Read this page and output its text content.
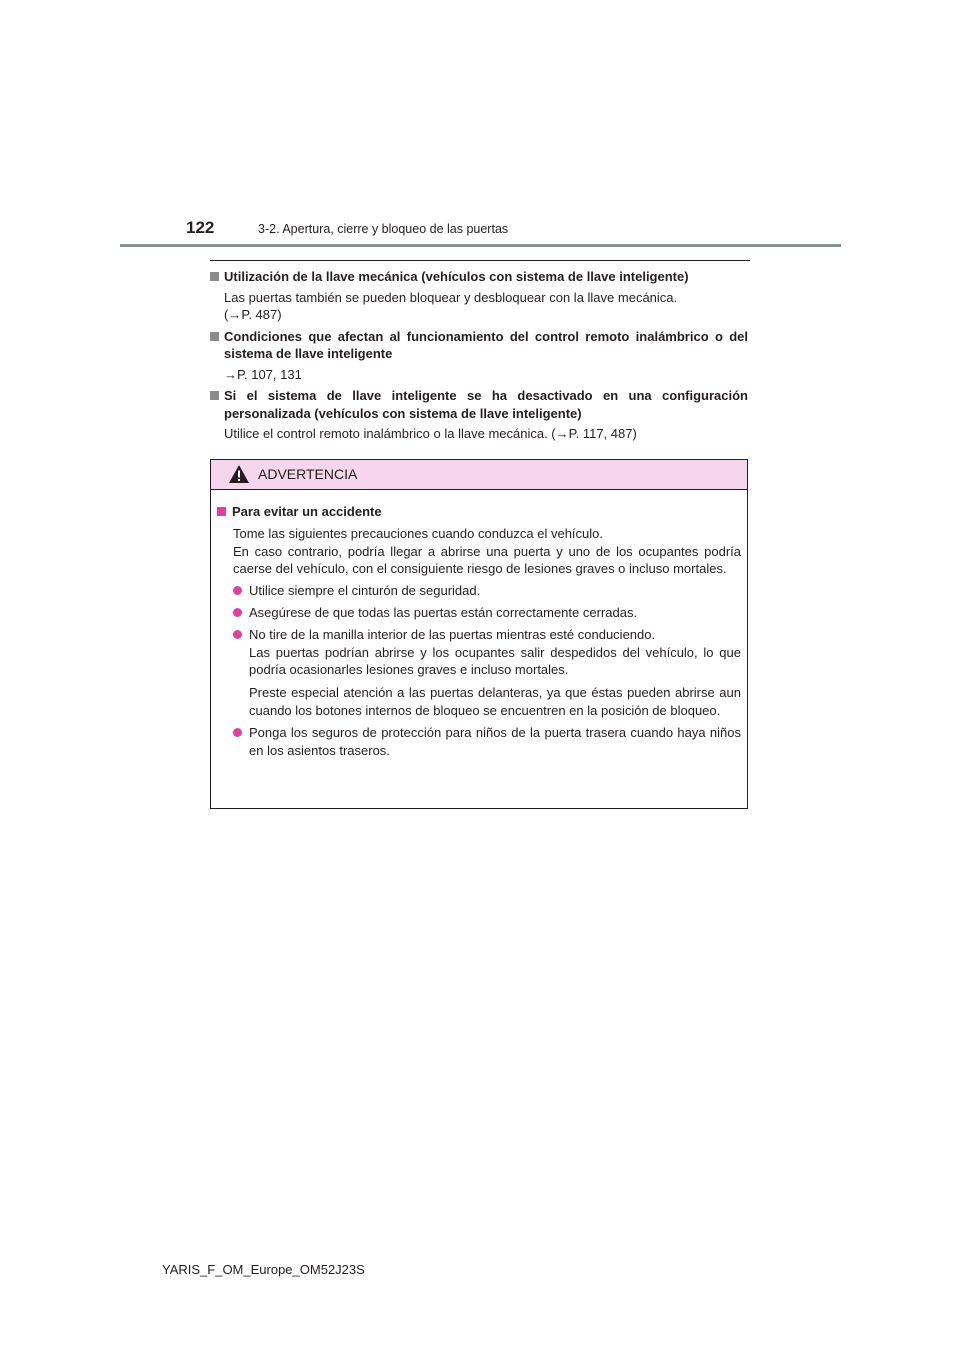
122	3-2. Apertura, cierre y bloqueo de las puertas
Utilización de la llave mecánica (vehículos con sistema de llave inteligente)
Las puertas también se pueden bloquear y desbloquear con la llave mecánica.
(→P. 487)
Condiciones que afectan al funcionamiento del control remoto inalámbrico o del sistema de llave inteligente
→P. 107, 131
Si el sistema de llave inteligente se ha desactivado en una configuración personalizada (vehículos con sistema de llave inteligente)
Utilice el control remoto inalámbrico o la llave mecánica. (→P. 117, 487)
ADVERTENCIA
Para evitar un accidente
Tome las siguientes precauciones cuando conduzca el vehículo.
En caso contrario, podría llegar a abrirse una puerta y uno de los ocupantes podría caerse del vehículo, con el consiguiente riesgo de lesiones graves o incluso mortales.
Utilice siempre el cinturón de seguridad.
Asegúrese de que todas las puertas están correctamente cerradas.
No tire de la manilla interior de las puertas mientras esté conduciendo.
Las puertas podrían abrirse y los ocupantes salir despedidos del vehículo, lo que podría ocasionarles lesiones graves e incluso mortales.
Preste especial atención a las puertas delanteras, ya que éstas pueden abrirse aun cuando los botones internos de bloqueo se encuentren en la posición de bloqueo.
Ponga los seguros de protección para niños de la puerta trasera cuando haya niños en los asientos traseros.
YARIS_F_OM_Europe_OM52J23S
